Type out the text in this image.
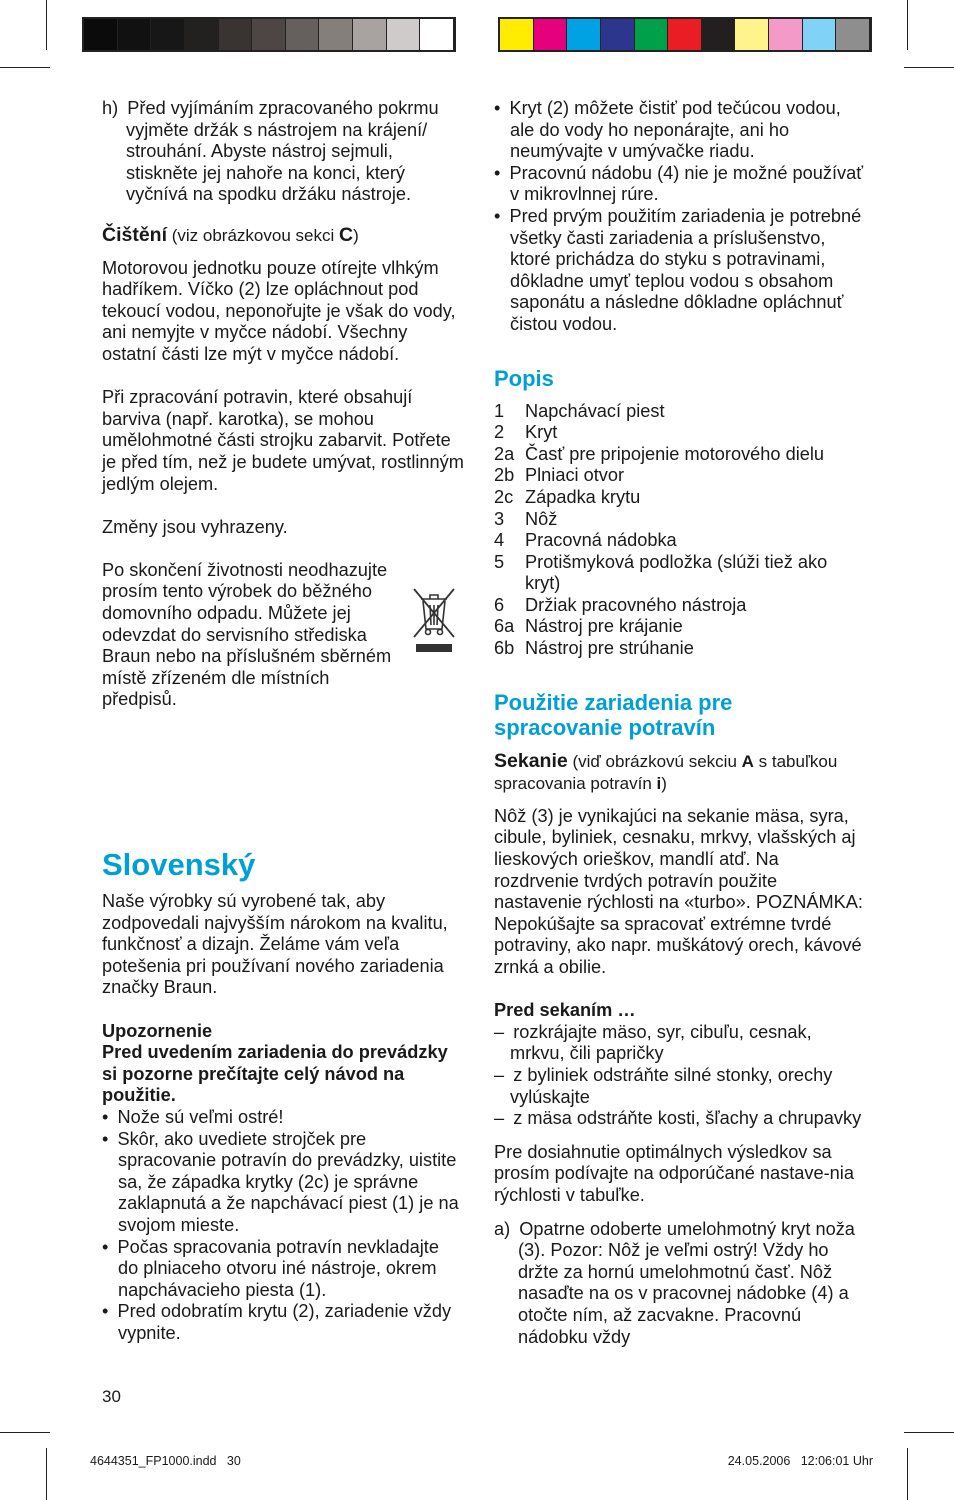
h) Před vyjímáním zpracovaného pokrmu vyjměte držák s nástrojem na krájení/ strouhání. Abyste nástroj sejmuli, stiskněte jej nahoře na konci, který vyčnívá na spodku držáku nástroje.

Čištění (viz obrázkovou sekci C)

Motorovou jednotku pouze otírejte vlhkým hadříkem. Víčko (2) lze opláchnout pod tekoucí vodou, neponořujte je však do vody, ani nemyjte v myčce nádobí. Všechny ostatní části lze mýt v myčce nádobí.

Při zpracování potravin, které obsahují barviva (např. karotka), se mohou umělohmotné části strojku zabarvit. Potřete je před tím, než je budete umývat, rostlinným jedlým olejem.

Změny jsou vyhrazeny.

Po skončení životnosti neodhazujte prosím tento výrobek do běžného domovního odpadu. Můžete jej odevzdat do servisního střediska Braun nebo na příslušném sběrném místě zřízeném dle místních předpisů.

Slovenský

Naše výrobky sú vyrobené tak, aby zodpovedali najvyšším nárokom na kvalitu, funkčnosť a dizajn. Želáme vám veľa potešenia pri používaní nového zariadenia značky Braun.

Upozornenie

Pred uvedením zariadenia do prevádzky si pozorne prečítajte celý návod na použitie.

• Nože sú veľmi ostré!

• Skôr, ako uvediete strojček pre spracovanie potravín do prevádzky, uistite sa, že západka krytky (2c) je správne zaklapnutá a že napchávací piest (1) je na svojom mieste.

• Počas spracovania potravín nevkladajte do plniaceho otvoru iné nástroje, okrem napchávacieho piesta (1).

• Pred odobratím krytu (2), zariadenie vždy vypnite.

• Kryt (2) môžete čistiť pod tečúcou vodou, ale do vody ho neponárajte, ani ho neumývajte v umývačke riadu.

• Pracovnú nádobu (4) nie je možné používať v mikrovlnnej rúre.

• Pred prvým použitím zariadenia je potrebné všetky časti zariadenia a príslušenstvo, ktoré prichádza do styku s potravinami, dôkladne umyť teplou vodou s obsahom saponátu a následne dôkladne opláchnuť čistou vodou.

Popis

1	Napchávací piest
2	Kryt
2a Časť pre pripojenie motorového dielu
2b Plniaci otvor
2c Západka krytu
3	Nôž
4	Pracovná nádobka
5	Protišmyková podložka (slúži tiež ako kryt)
6	Držiak pracovného nástroja
6a Nástroj pre krájanie
6b Nástroj pre strúhanie

Použitie zariadenia pre spracovanie potravín

Sekanie (viď obrázkovú sekciu A s tabuľkou spracovania potravín i)

Nôž (3) je vynikajúci na sekanie mäsa, syra, cibule, byliniek, cesnaku, mrkvy, vlašských aj lieskových orieškov, mandlí atď. Na rozdrvenie tvrdých potravín použite nastavenie rýchlosti na «turbo». POZNÁMKA: Nepokúšajte sa spracovať extrémne tvrdé potraviny, ako napr. muškátový orech, kávové zrnká a obilie.

Pred sekaním …

– rozkrájajte mäso, syr, cibuľu, cesnak, mrkvu, čili papričky

– z byliniek odstráňte silné stonky, orechy vylúskajte

– z mäsa odstráňte kosti, šľachy a chrupavky

Pre dosiahnutie optimálnych výsledkov sa prosím podívajte na odporúčané nastave-nia rýchlosti v tabuľke.

a) Opatrne odoberte umelohmotný kryt noža (3). Pozor: Nôž je veľmi ostrý! Vždy ho držte za hornú umelohmotnú časť. Nôž nasaďte na os v pracovnej nádobke (4) a otočte ním, až zacvakne. Pracovnú nádobku vždy

30
4644351_FP1000.indd   30	24.05.2006   12:06:01 Uhr
